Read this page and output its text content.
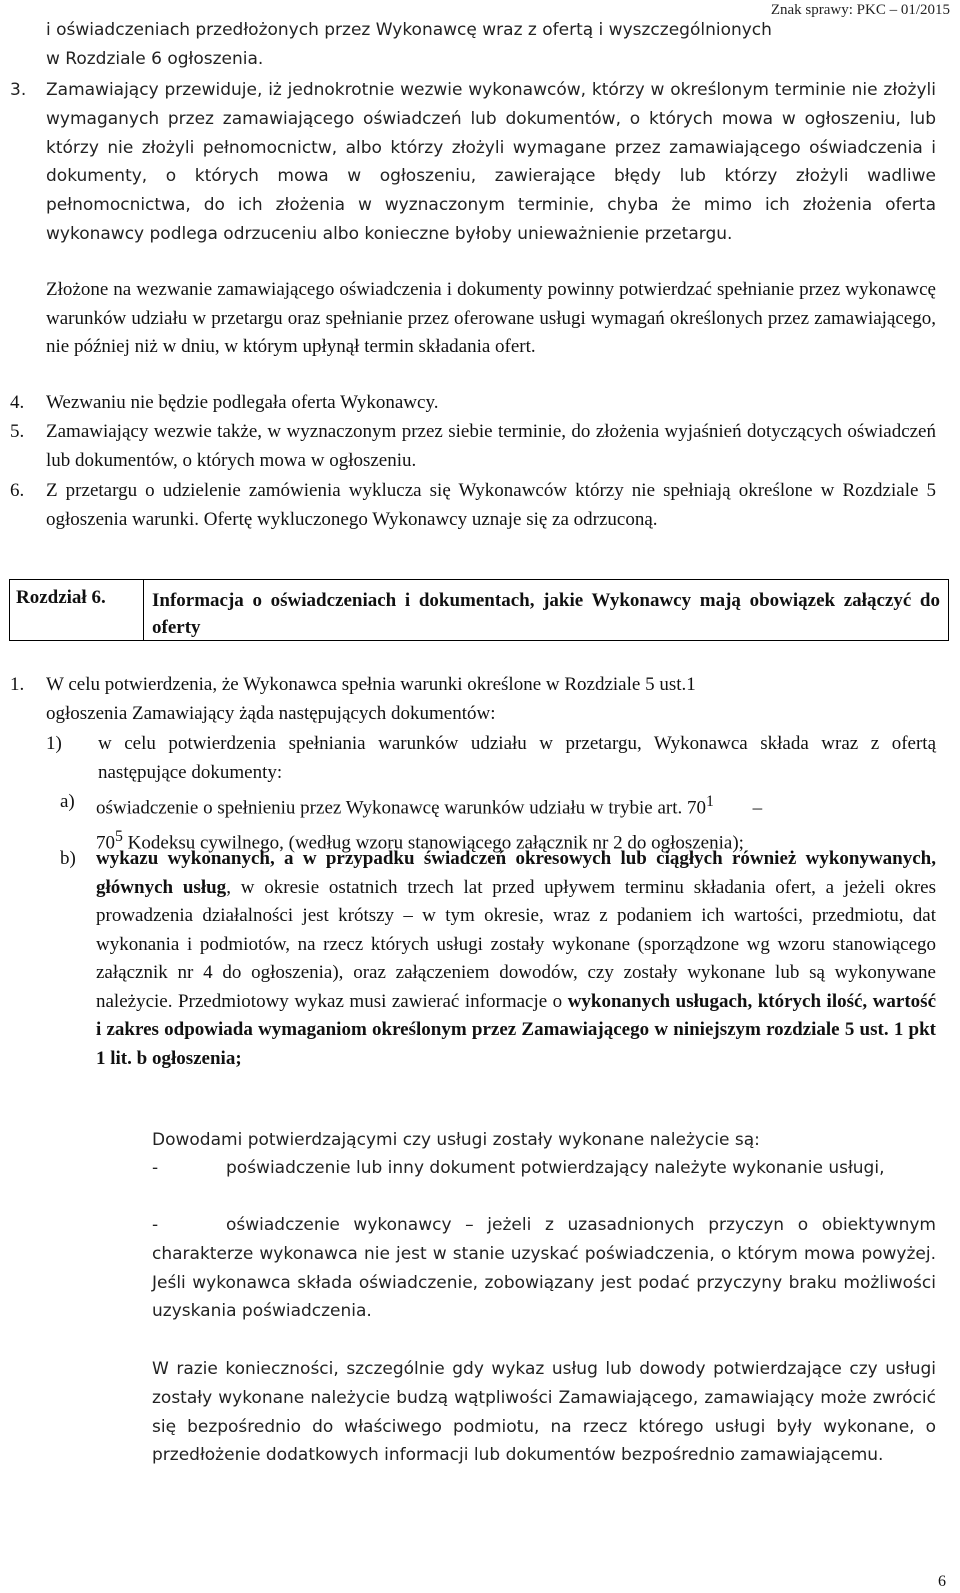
Znak sprawy: PKC – 01/2015
i oświadczeniach przedłożonych przez Wykonawcę wraz z ofertą i wyszczególnionych
w Rozdziale 6 ogłoszenia.
3. Zamawiający przewiduje, iż jednokrotnie wezwie wykonawców, którzy w określonym terminie nie złożyli wymaganych przez zamawiającego oświadczeń lub dokumentów, o których mowa w ogłoszeniu, lub którzy nie złożyli pełnomocnictw, albo którzy złożyli wymagane przez zamawiającego oświadczenia i dokumenty, o których mowa w ogłoszeniu, zawierające błędy lub którzy złożyli wadliwe pełnomocnictwa, do ich złożenia w wyznaczonym terminie, chyba że mimo ich złożenia oferta wykonawcy podlega odrzuceniu albo konieczne byłoby unieważnienie przetargu.
Złożone na wezwanie zamawiającego oświadczenia i dokumenty powinny potwierdzać spełnianie przez wykonawcę warunków udziału w przetargu oraz spełnianie przez oferowane usługi wymagań określonych przez zamawiającego, nie później niż w dniu, w którym upłynął termin składania ofert.
4. Wezwaniu nie będzie podlegała oferta Wykonawcy.
5. Zamawiający wezwie także, w wyznaczonym przez siebie terminie, do złożenia wyjaśnień dotyczących oświadczeń lub dokumentów, o których mowa w ogłoszeniu.
6. Z przetargu o udzielenie zamówienia wyklucza się Wykonawców którzy nie spełniają określone w Rozdziale 5 ogłoszenia warunki. Ofertę wykluczonego Wykonawcy uznaje się za odrzuconą.
Rozdział 6.	Informacja o oświadczeniach i dokumentach, jakie Wykonawcy mają obowiązek załączyć do oferty
1. W celu potwierdzenia, że Wykonawca spełnia warunki określone w Rozdziale 5 ust.1
ogłoszenia Zamawiający żąda następujących dokumentów:
1) w celu potwierdzenia spełniania warunków udziału w przetargu, Wykonawca składa wraz z ofertą następujące dokumenty:
a) oświadczenie o spełnieniu przez Wykonawcę warunków udziału w trybie art. $70^1$ –
$70^5$ Kodeksu cywilnego, (według wzoru stanowiącego załącznik nr 2 do ogłoszenia);
b) wykazu wykonanych, a w przypadku świadczeń okresowych lub ciągłych również wykonywanych, głównych usług, w okresie ostatnich trzech lat przed upływem terminu składania ofert, a jeżeli okres prowadzenia działalności jest krótszy – w tym okresie, wraz z podaniem ich wartości, przedmiotu, dat wykonania i podmiotów, na rzecz których usługi zostały wykonane (sporządzone wg wzoru stanowiącego załącznik nr 4 do ogłoszenia), oraz załączeniem dowodów, czy zostały wykonane lub są wykonywane należycie. Przedmiotowy wykaz musi zawierać informacje o wykonanych usługach, których ilość, wartość i zakres odpowiada wymaganiom określonym przez Zamawiającego w niniejszym rozdziale 5 ust. 1 pkt 1 lit. b ogłoszenia;
Dowodami potwierdzającymi czy usługi zostały wykonane należycie są:
-	poświadczenie lub inny dokument potwierdzający należyte wykonanie usługi,
-	oświadczenie wykonawcy – jeżeli z uzasadnionych przyczyn o obiektywnym charakterze wykonawca nie jest w stanie uzyskać poświadczenia, o którym mowa powyżej. Jeśli wykonawca składa oświadczenie, zobowiązany jest podać przyczyny braku możliwości uzyskania poświadczenia.
W razie konieczności, szczególnie gdy wykaz usług lub dowody potwierdzające czy usługi zostały wykonane należycie budzą wątpliwości Zamawiającego, zamawiający może zwrócić się bezpośrednio do właściwego podmiotu, na rzecz którego usługi były wykonane, o przedłożenie dodatkowych informacji lub dokumentów bezpośrednio zamawiającemu.
6
